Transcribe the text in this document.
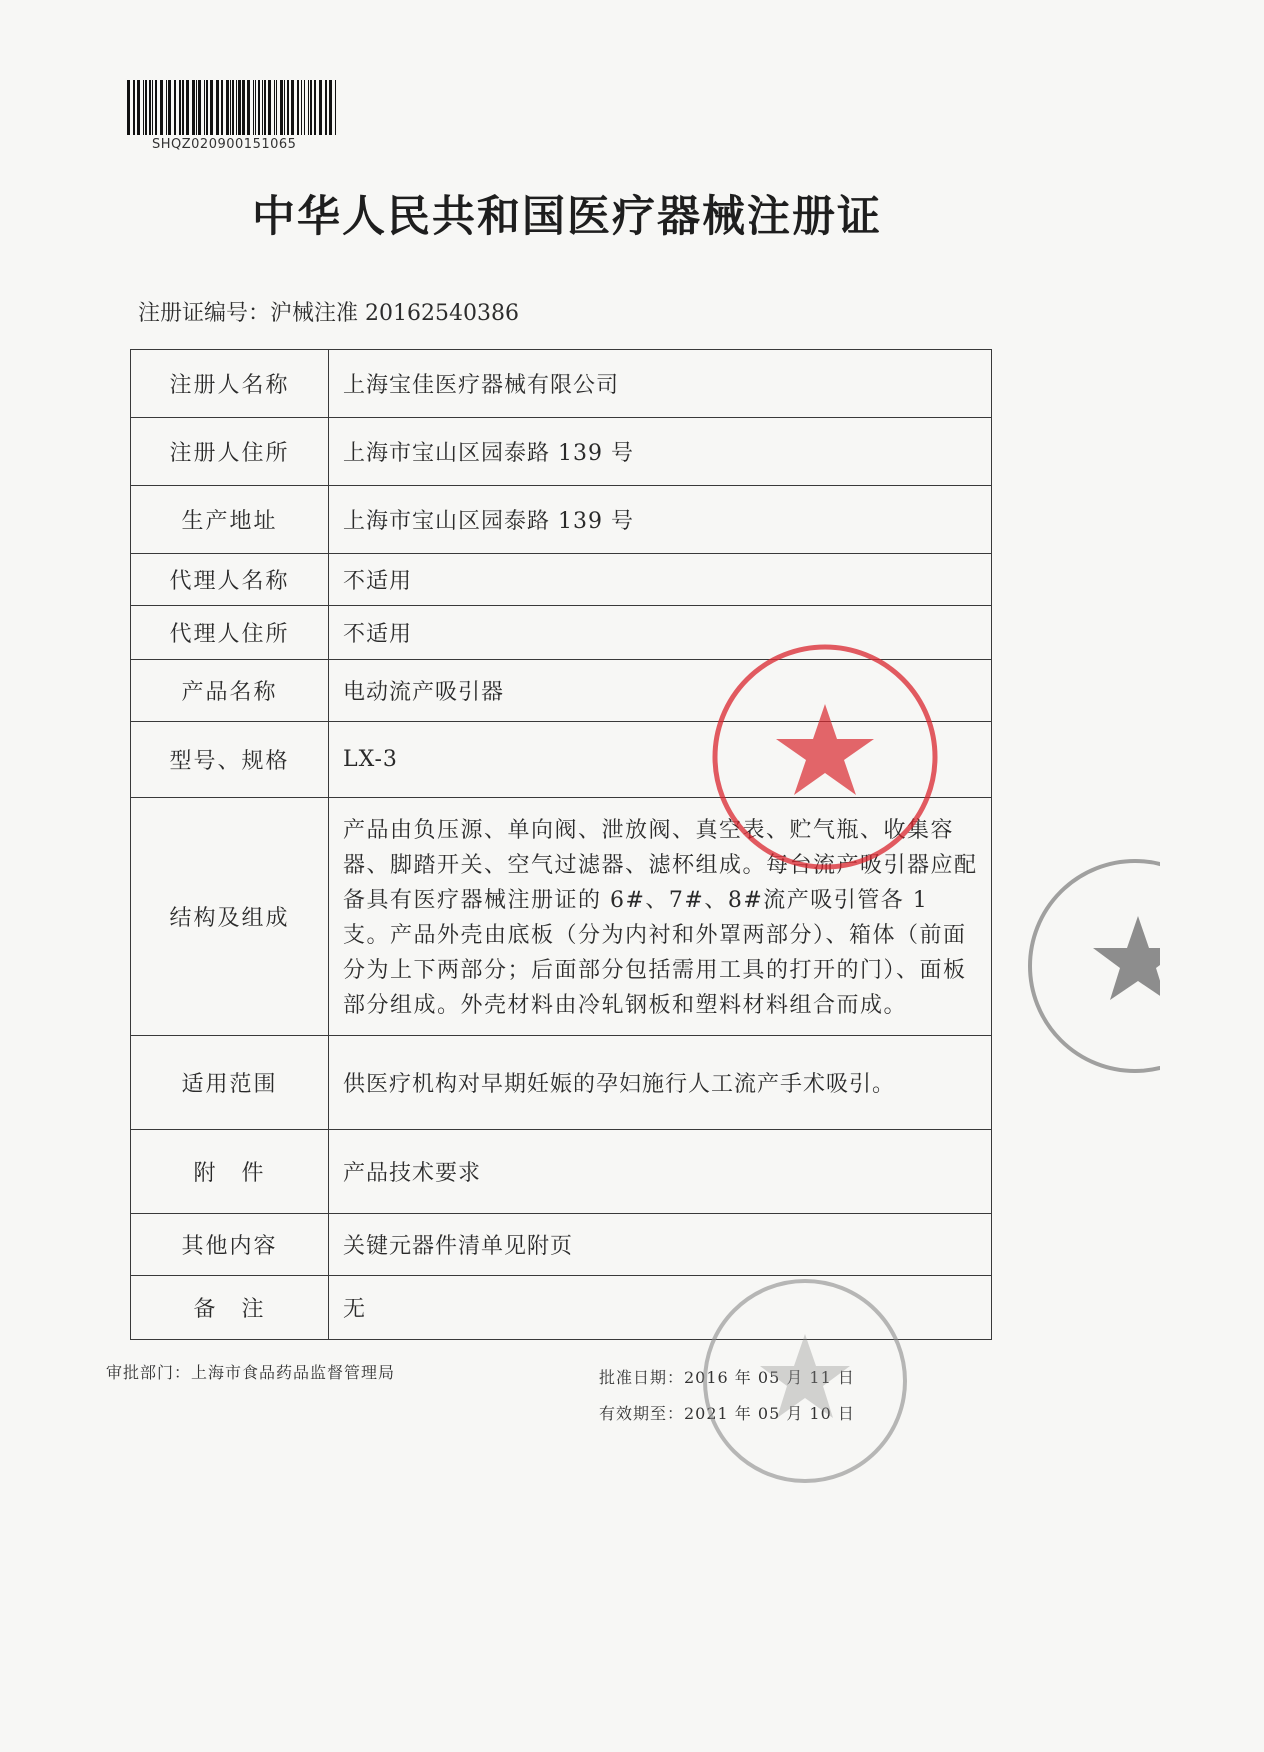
SHQZ020900151065
中华人民共和国医疗器械注册证
注册证编号：沪械注准 20162540386
注册人名称	上海宝佳医疗器械有限公司
注册人住所	上海市宝山区园泰路 139 号
生产地址	上海市宝山区园泰路 139 号
代理人名称	不适用
代理人住所	不适用
产品名称	电动流产吸引器
型号、规格	LX-3
结构及组成	产品由负压源、单向阀、泄放阀、真空表、贮气瓶、收集容器、脚踏开关、空气过滤器、滤杯组成。每台流产吸引器应配备具有医疗器械注册证的 6#、7#、8#流产吸引管各 1 支。产品外壳由底板（分为内衬和外罩两部分）、箱体（前面分为上下两部分；后面部分包括需用工具的打开的门）、面板部分组成。外壳材料由冷轧钢板和塑料材料组合而成。
适用范围	供医疗机构对早期妊娠的孕妇施行人工流产手术吸引。
附　件	产品技术要求
其他内容	关键元器件清单见附页
备　注	无
审批部门：上海市食品药品监督管理局	批准日期：2016 年 05 月 11 日
有效期至：2021 年 05 月 10 日
